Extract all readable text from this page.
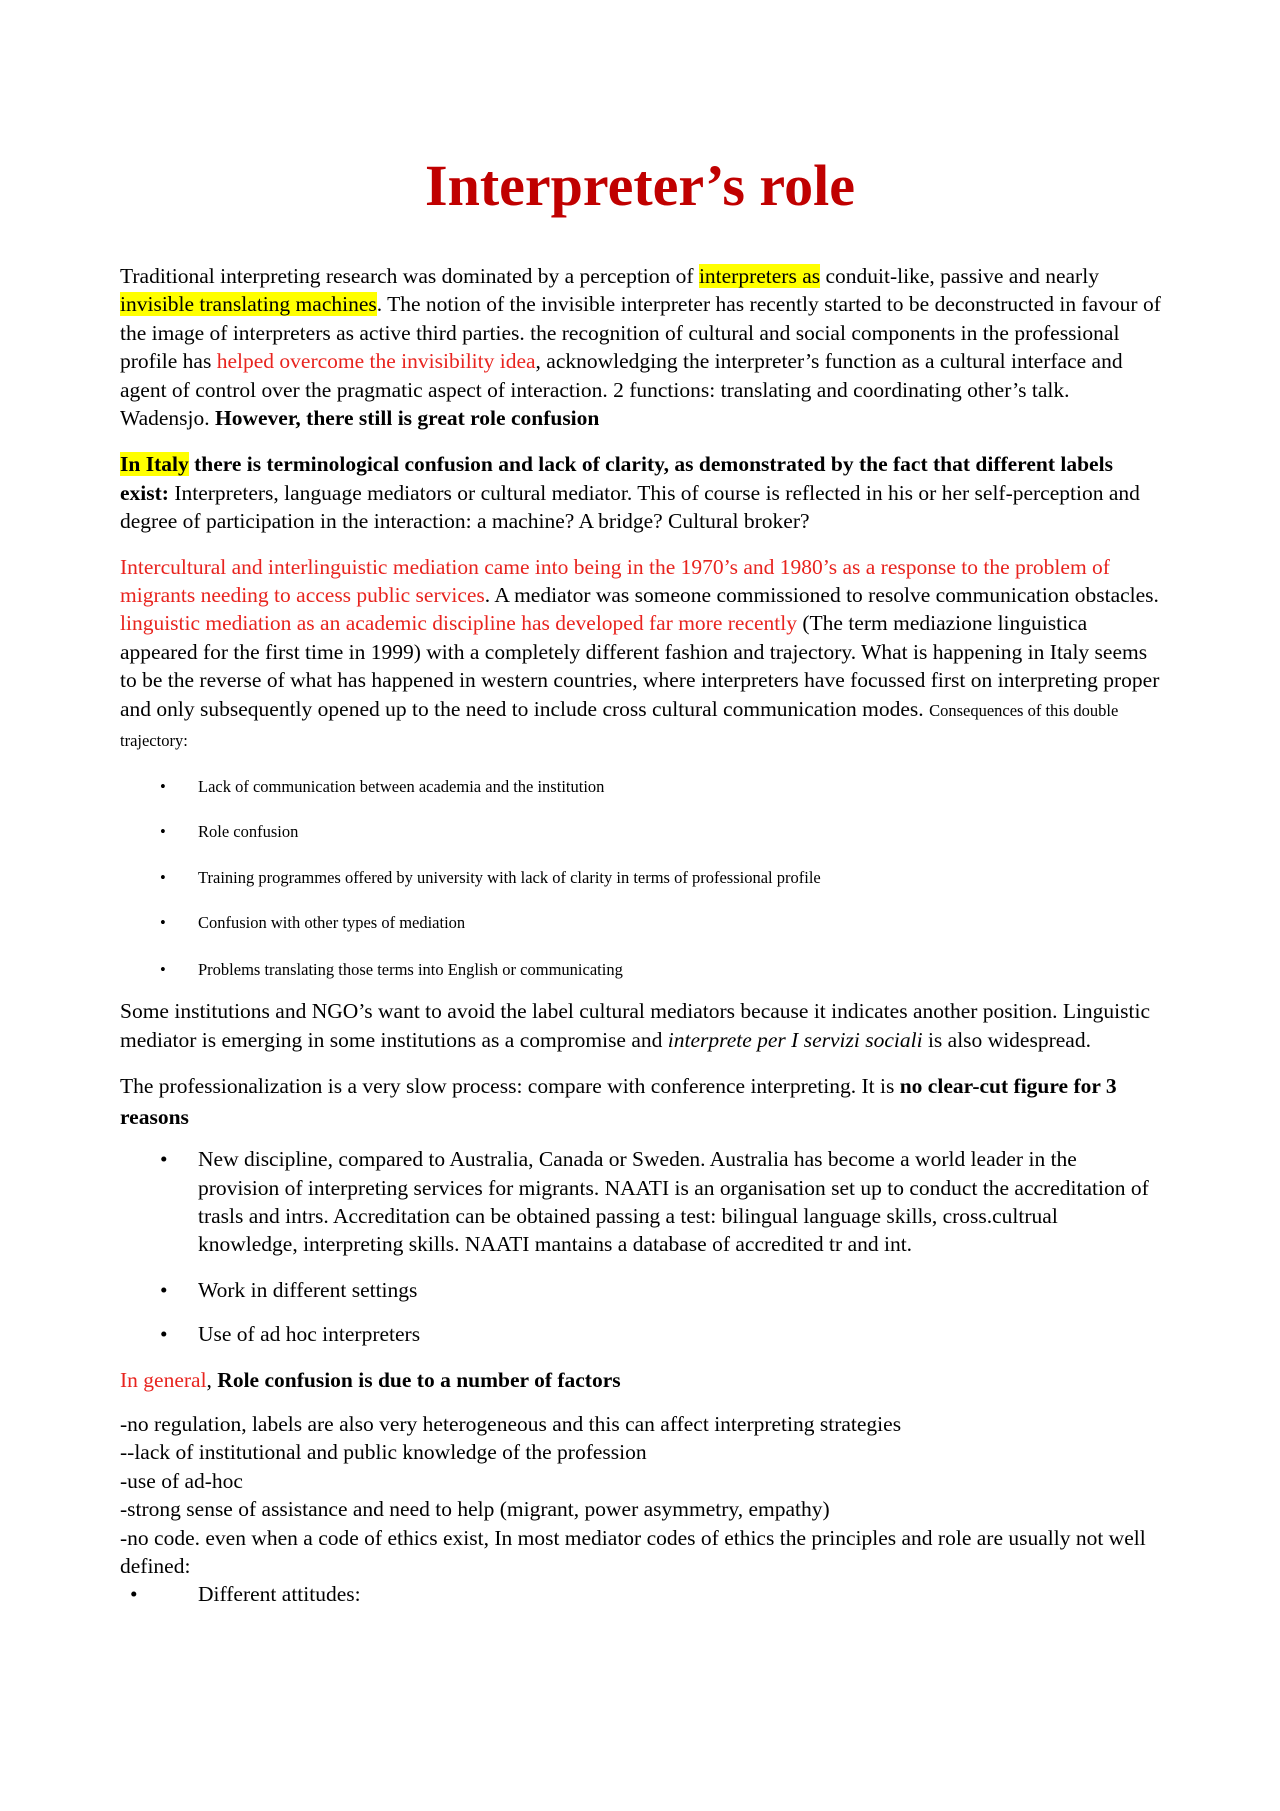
Interpreter’s role

Traditional interpreting research was dominated by a perception of interpreters as conduit-like, passive and nearly invisible translating machines. The notion of the invisible interpreter has recently started to be deconstructed in favour of the image of interpreters as active third parties. the recognition of cultural and social components in the professional profile has helped overcome the invisibility idea, acknowledging the interpreter’s function as a cultural interface and agent of control over the pragmatic aspect of interaction. 2 functions: translating and coordinating other’s talk. Wadensjo. However, there still is great role confusion

In Italy there is terminological confusion and lack of clarity, as demonstrated by the fact that different labels exist: Interpreters, language mediators or cultural mediator. This of course is reflected in his or her self-perception and degree of participation in the interaction: a machine? A bridge? Cultural broker?

Intercultural and interlinguistic mediation came into being in the 1970’s and 1980’s as a response to the problem of migrants needing to access public services. A mediator was someone commissioned to resolve communication obstacles. linguistic mediation as an academic discipline has developed far more recently (The term mediazione linguistica appeared for the first time in 1999) with a completely different fashion and trajectory. What is happening in Italy seems to be the reverse of what has happened in western countries, where interpreters have focussed first on interpreting proper and only subsequently opened up to the need to include cross cultural communication modes. Consequences of this double trajectory:

• Lack of communication between academia and the institution
• Role confusion
• Training programmes offered by university with lack of clarity in terms of professional profile
• Confusion with other types of mediation
• Problems translating those terms into English or communicating

Some institutions and NGO’s want to avoid the label cultural mediators because it indicates another position. Linguistic mediator is emerging in some institutions as a compromise and interprete per I servizi sociali is also widespread.

The professionalization is a very slow process: compare with conference interpreting. It is no clear-cut figure for 3 reasons

• New discipline, compared to Australia, Canada or Sweden. Australia has become a world leader in the provision of interpreting services for migrants. NAATI is an organisation set up to conduct the accreditation of trasls and intrs. Accreditation can be obtained passing a test: bilingual language skills, cross.cultrual knowledge, interpreting skills. NAATI mantains a database of accredited tr and int.
• Work in different settings
• Use of ad hoc interpreters

In general, Role confusion is due to a number of factors

-no regulation, labels are also very heterogeneous and this can affect interpreting strategies

--lack of institutional and public knowledge of the profession

-use of ad-hoc

-strong sense of assistance and need to help (migrant, power asymmetry, empathy)

-no code. even when a code of ethics exist, In most mediator codes of ethics the principles and role are usually not well defined:

•	Different attitudes:
